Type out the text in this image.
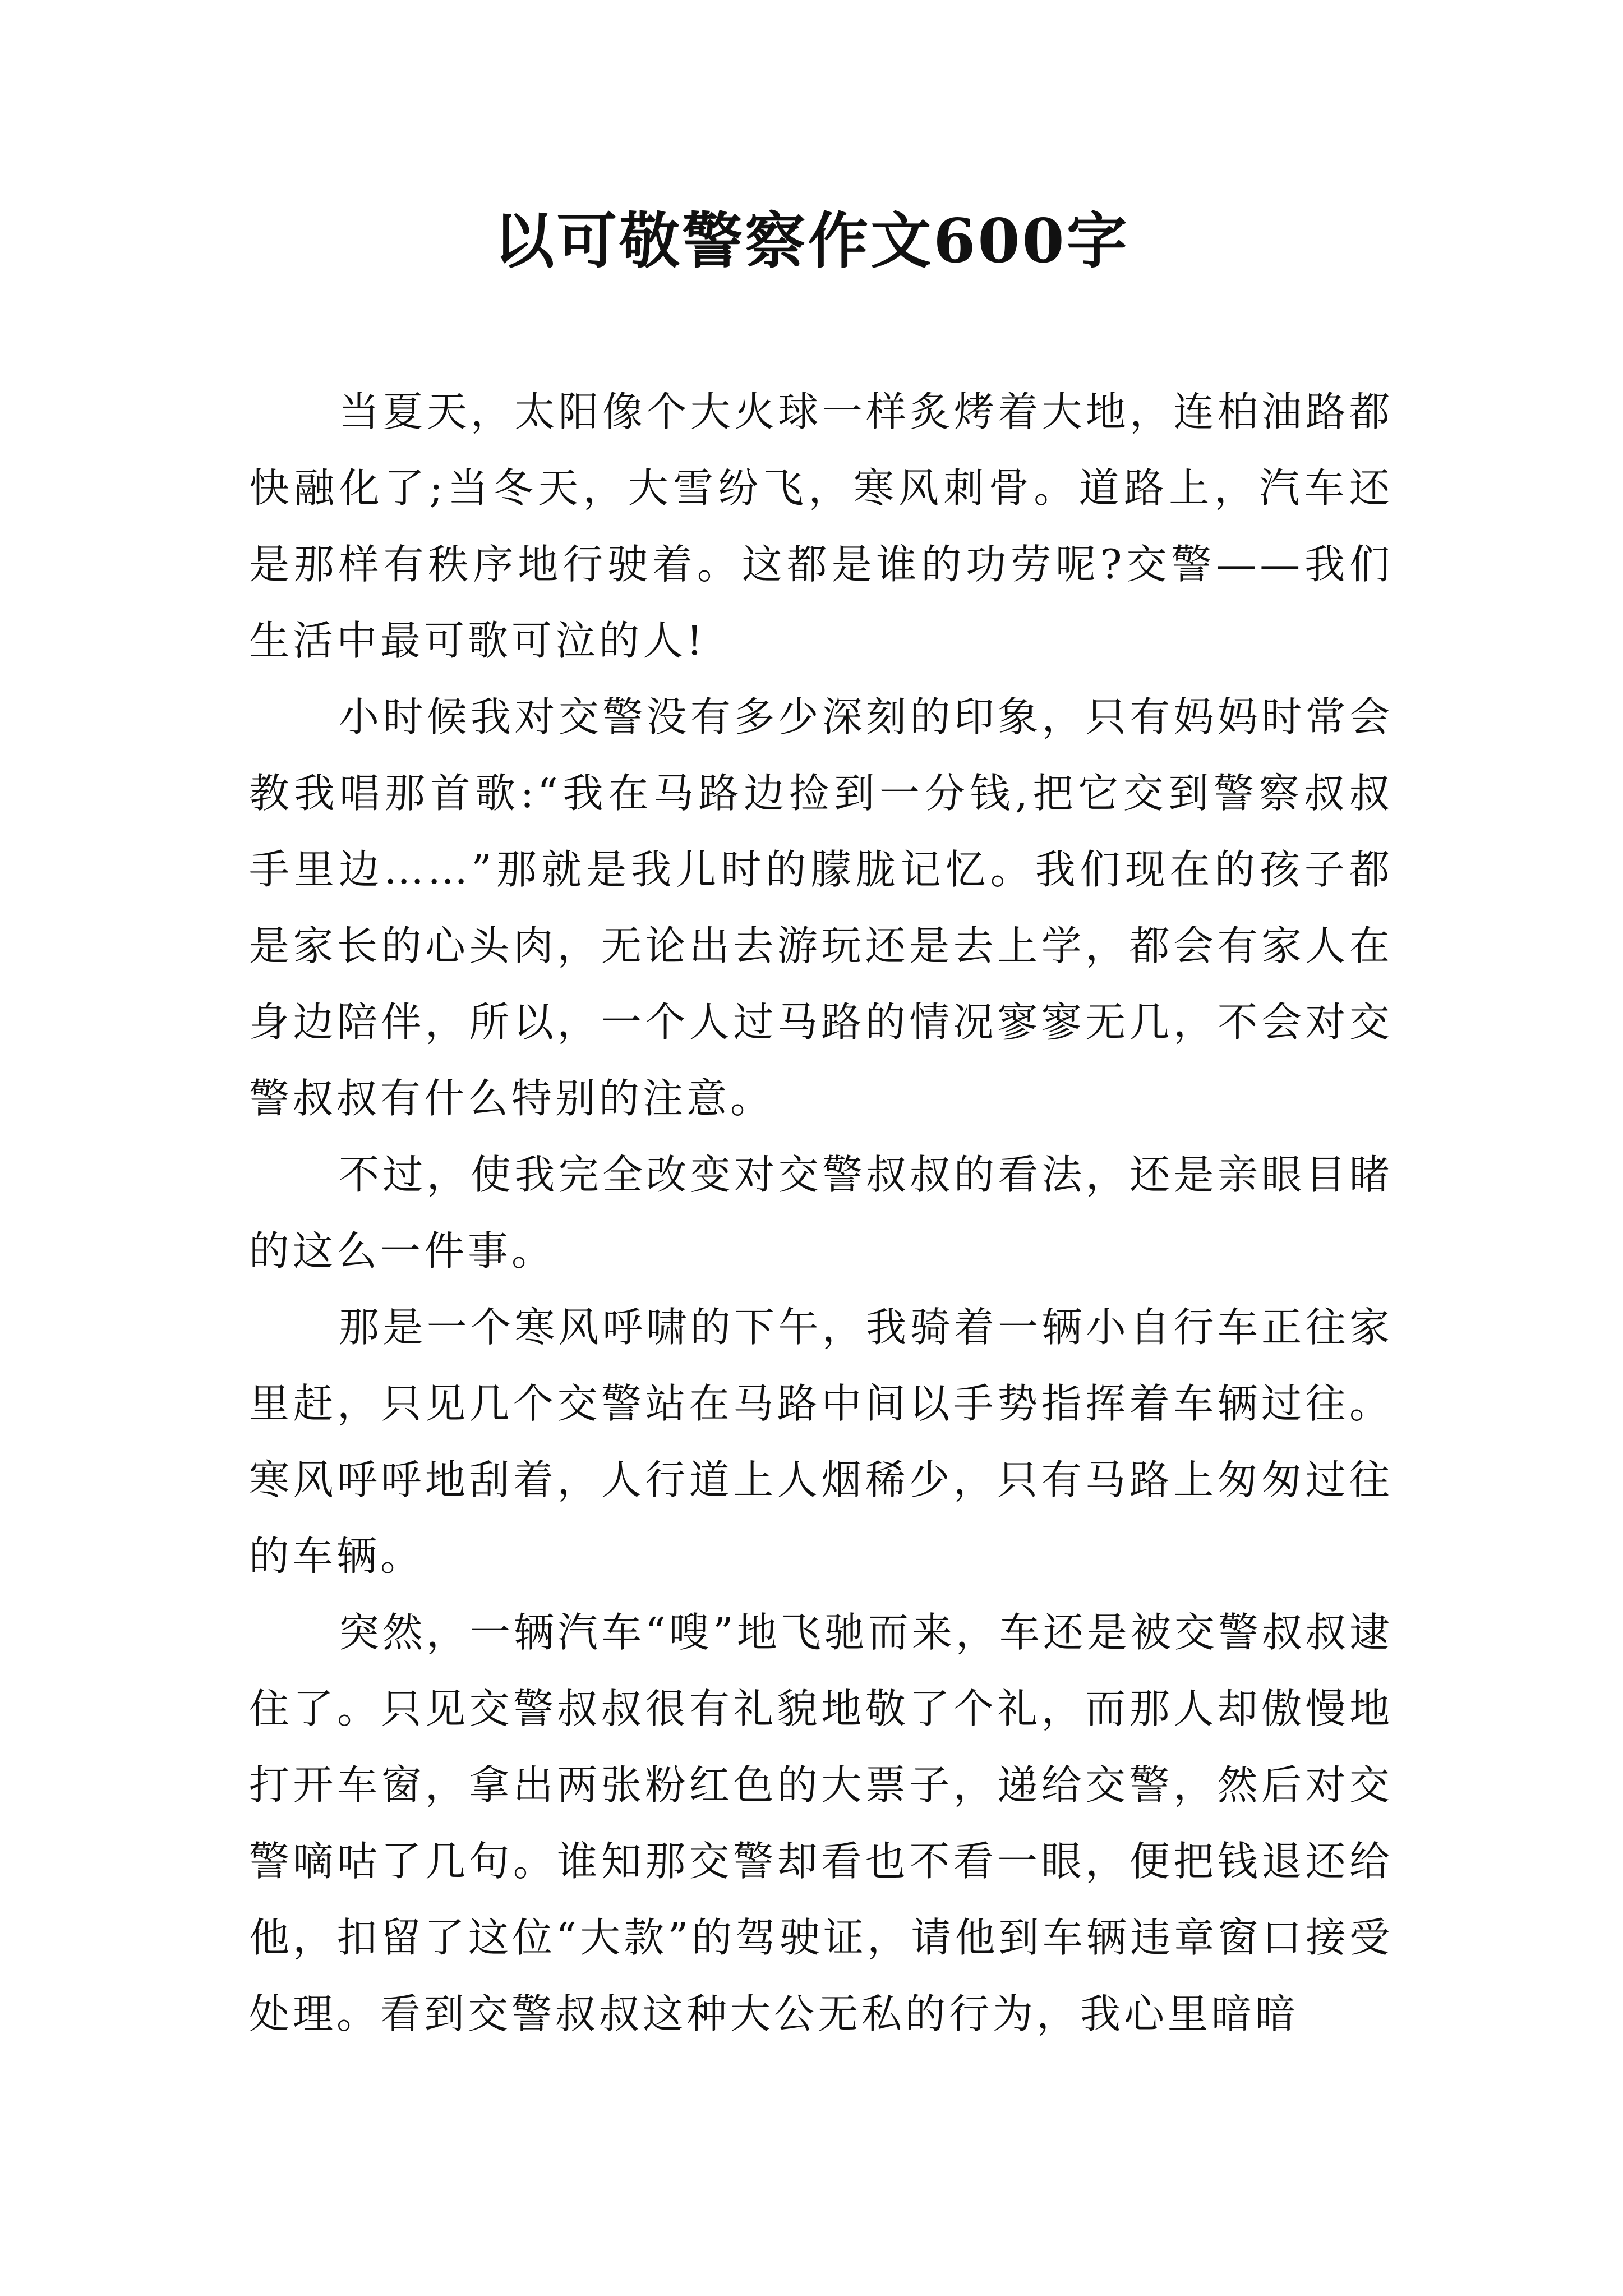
以可敬警察作文600字

当夏天，太阳像个大火球一样炙烤着大地，连柏油路都快融化了;当冬天，大雪纷飞，寒风刺骨。道路上，汽车还是那样有秩序地行驶着。这都是谁的功劳呢?交警——我们生活中最可歌可泣的人!

小时候我对交警没有多少深刻的印象，只有妈妈时常会教我唱那首歌:“我在马路边捡到一分钱,把它交到警察叔叔手里边……”那就是我儿时的朦胧记忆。我们现在的孩子都是家长的心头肉，无论出去游玩还是去上学，都会有家人在身边陪伴，所以，一个人过马路的情况寥寥无几，不会对交警叔叔有什么特别的注意。

不过，使我完全改变对交警叔叔的看法，还是亲眼目睹的这么一件事。

那是一个寒风呼啸的下午，我骑着一辆小自行车正往家里赶，只见几个交警站在马路中间以手势指挥着车辆过往。寒风呼呼地刮着，人行道上人烟稀少，只有马路上匆匆过往的车辆。

突然，一辆汽车“嗖”地飞驰而来，车还是被交警叔叔逮住了。只见交警叔叔很有礼貌地敬了个礼，而那人却傲慢地打开车窗，拿出两张粉红色的大票子，递给交警，然后对交警嘀咕了几句。谁知那交警却看也不看一眼，便把钱退还给他，扣留了这位“大款”的驾驶证，请他到车辆违章窗口接受处理。看到交警叔叔这种大公无私的行为，我心里暗暗
